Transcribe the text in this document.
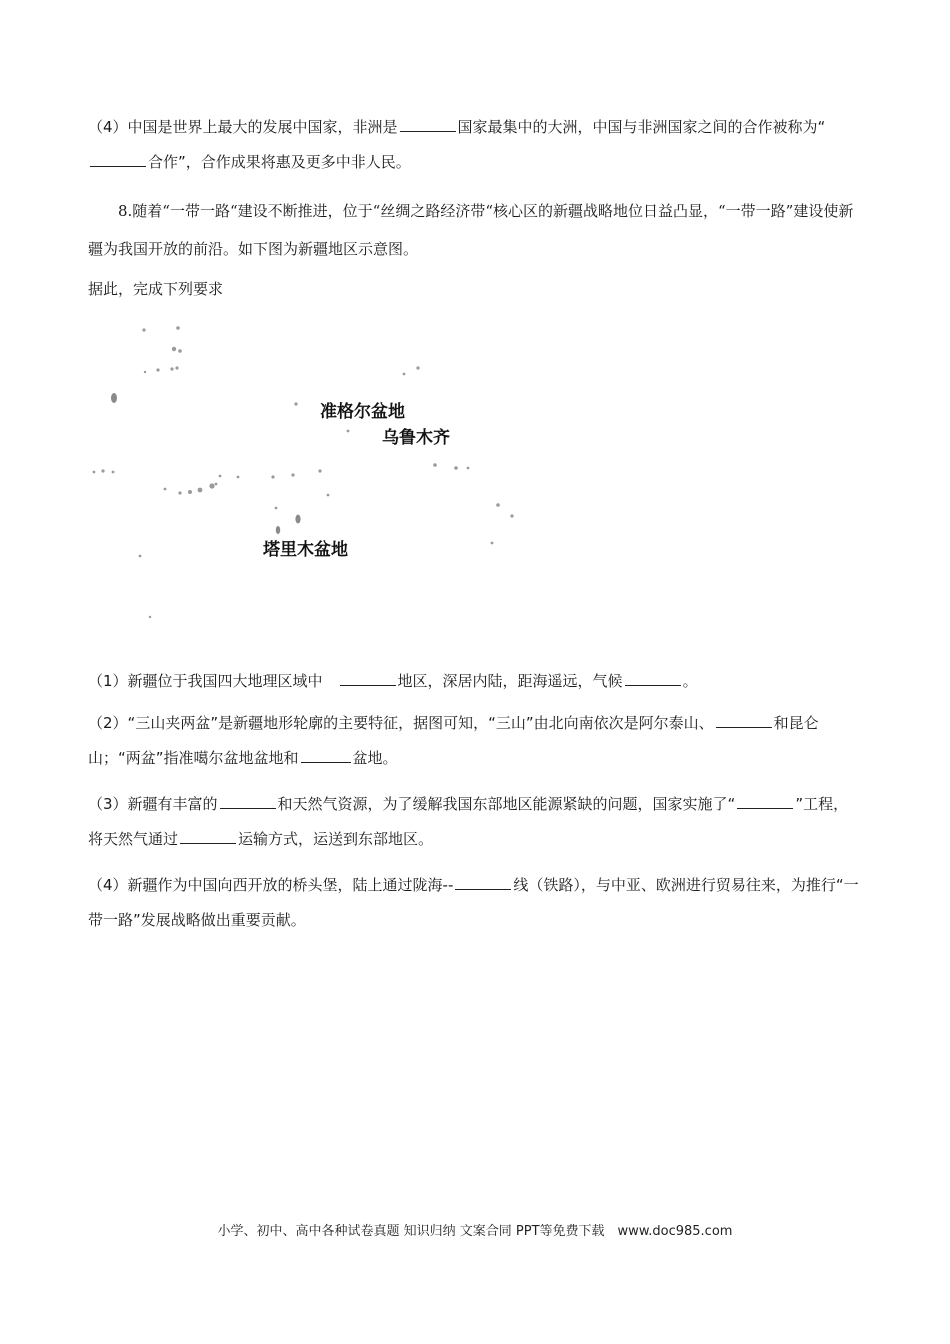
（4）中国是世界上最大的发展中国家，非洲是	国家最集中的大洲，中国与非洲国家之间的合作被称为“合作”，合作成果将惠及更多中非人民。
8.随着“一带一路“建设不断推进，位于“丝绸之路经济带“核心区的新疆战略地位日益凸显，“一带一路”建设使新疆为我国开放的前沿。如下图为新疆地区示意图。
据此，完成下列要求
准格尔盆地
乌鲁木齐
塔里木盆地
（1）新疆位于我国四大地理区域中　	地区，深居内陆，距海遥远，气候	。
（2）“三山夹两盆”是新疆地形轮廓的主要特征，据图可知，“三山”由北向南依次是阿尔泰山、	和昆仑山；“两盆”指准噶尔盆地盆地和	盆地。
（3）新疆有丰富的	和天然气资源，为了缓解我国东部地区能源紧缺的问题，国家实施了“	”工程，将天然气通过	运输方式，运送到东部地区。
（4）新疆作为中国向西开放的桥头堡，陆上通过陇海--	线（铁路），与中亚、欧洲进行贸易往来，为推行“一带一路”发展战略做出重要贡献。
小学、初中、高中各种试卷真题 知识归纳 文案合同 PPT等免费下载　www.doc985.com
